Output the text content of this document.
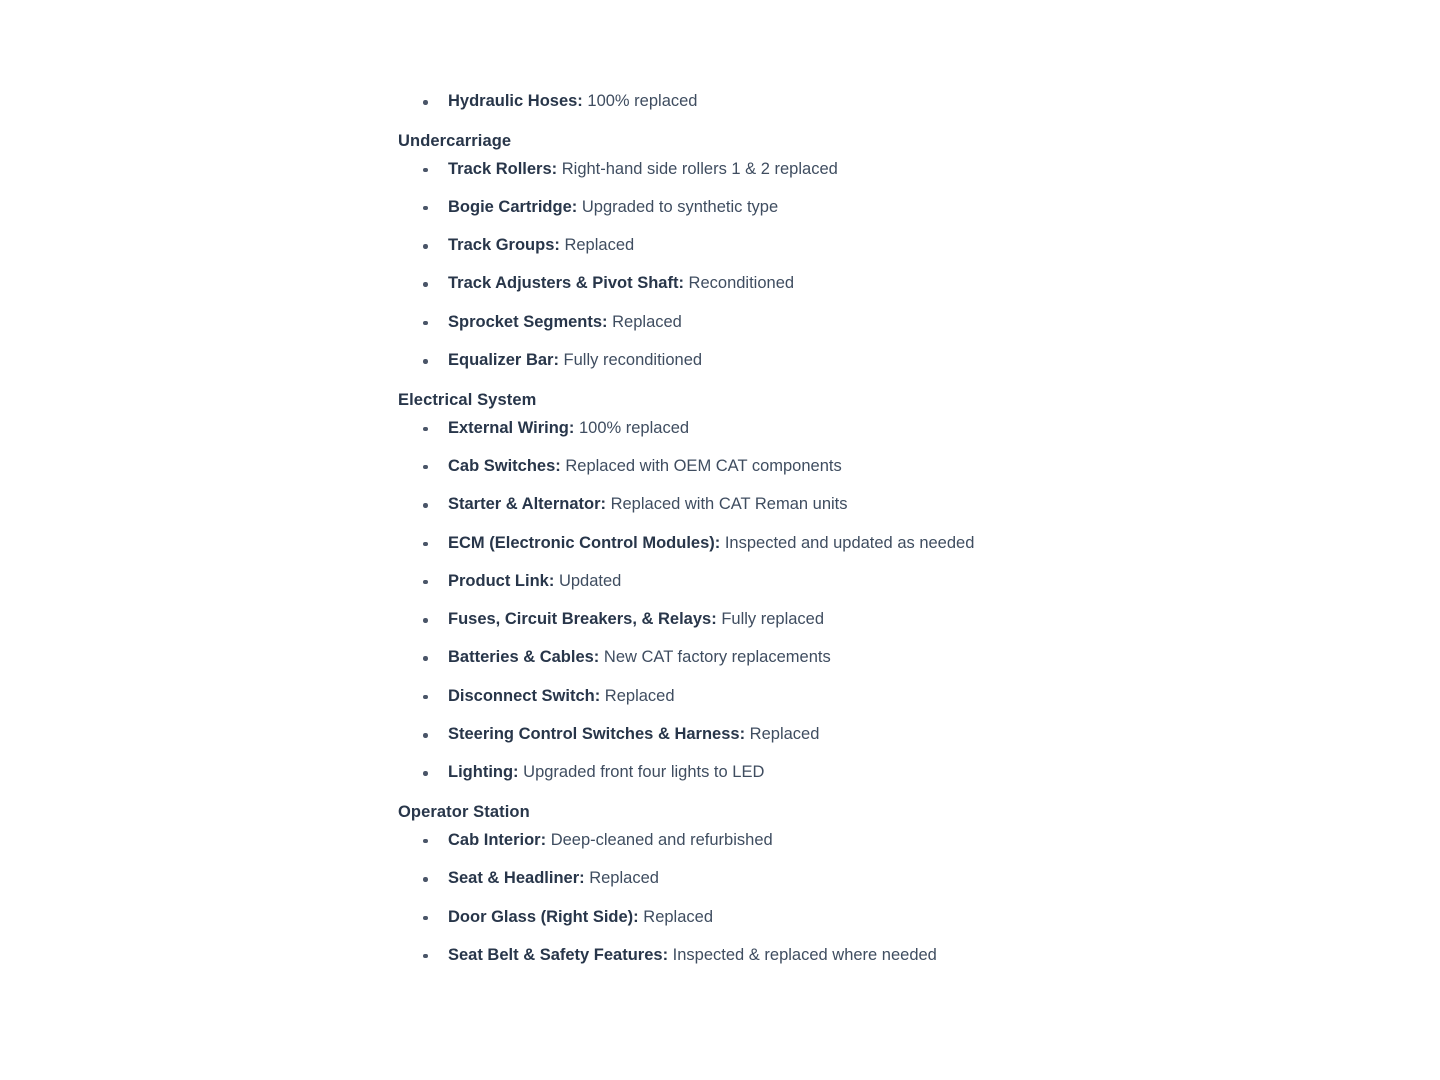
Hydraulic Hoses: 100% replaced
Undercarriage
Track Rollers: Right-hand side rollers 1 & 2 replaced
Bogie Cartridge: Upgraded to synthetic type
Track Groups: Replaced
Track Adjusters & Pivot Shaft: Reconditioned
Sprocket Segments: Replaced
Equalizer Bar: Fully reconditioned
Electrical System
External Wiring: 100% replaced
Cab Switches: Replaced with OEM CAT components
Starter & Alternator: Replaced with CAT Reman units
ECM (Electronic Control Modules): Inspected and updated as needed
Product Link: Updated
Fuses, Circuit Breakers, & Relays: Fully replaced
Batteries & Cables: New CAT factory replacements
Disconnect Switch: Replaced
Steering Control Switches & Harness: Replaced
Lighting: Upgraded front four lights to LED
Operator Station
Cab Interior: Deep-cleaned and refurbished
Seat & Headliner: Replaced
Door Glass (Right Side): Replaced
Seat Belt & Safety Features: Inspected & replaced where needed
